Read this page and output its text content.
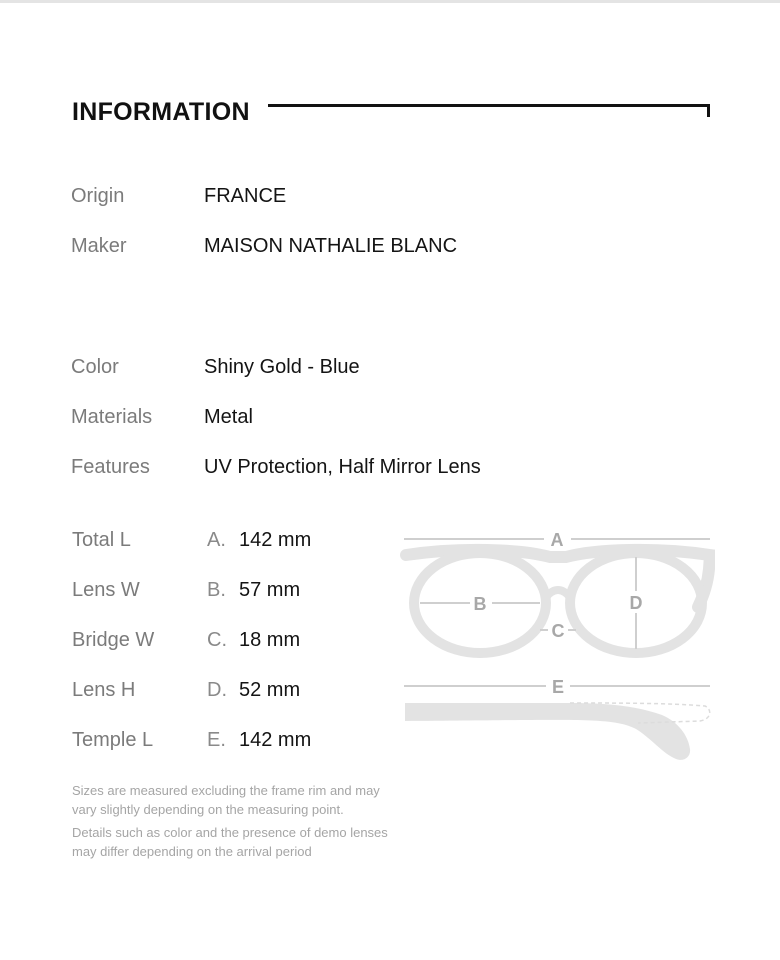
INFORMATION
Origin	FRANCE
Maker	MAISON NATHALIE BLANC
Color	Shiny Gold - Blue
Materials	Metal
Features	UV Protection, Half Mirror Lens
Total L	A. 142 mm
Lens W	B. 57 mm
Bridge W	C. 18 mm
Lens H	D. 52 mm
Temple L	E. 142 mm
A
B
C
D
E
Sizes are measured excluding the frame rim and may vary slightly depending on the measuring point.
Details such as color and the presence of demo lenses may differ depending on the arrival period
